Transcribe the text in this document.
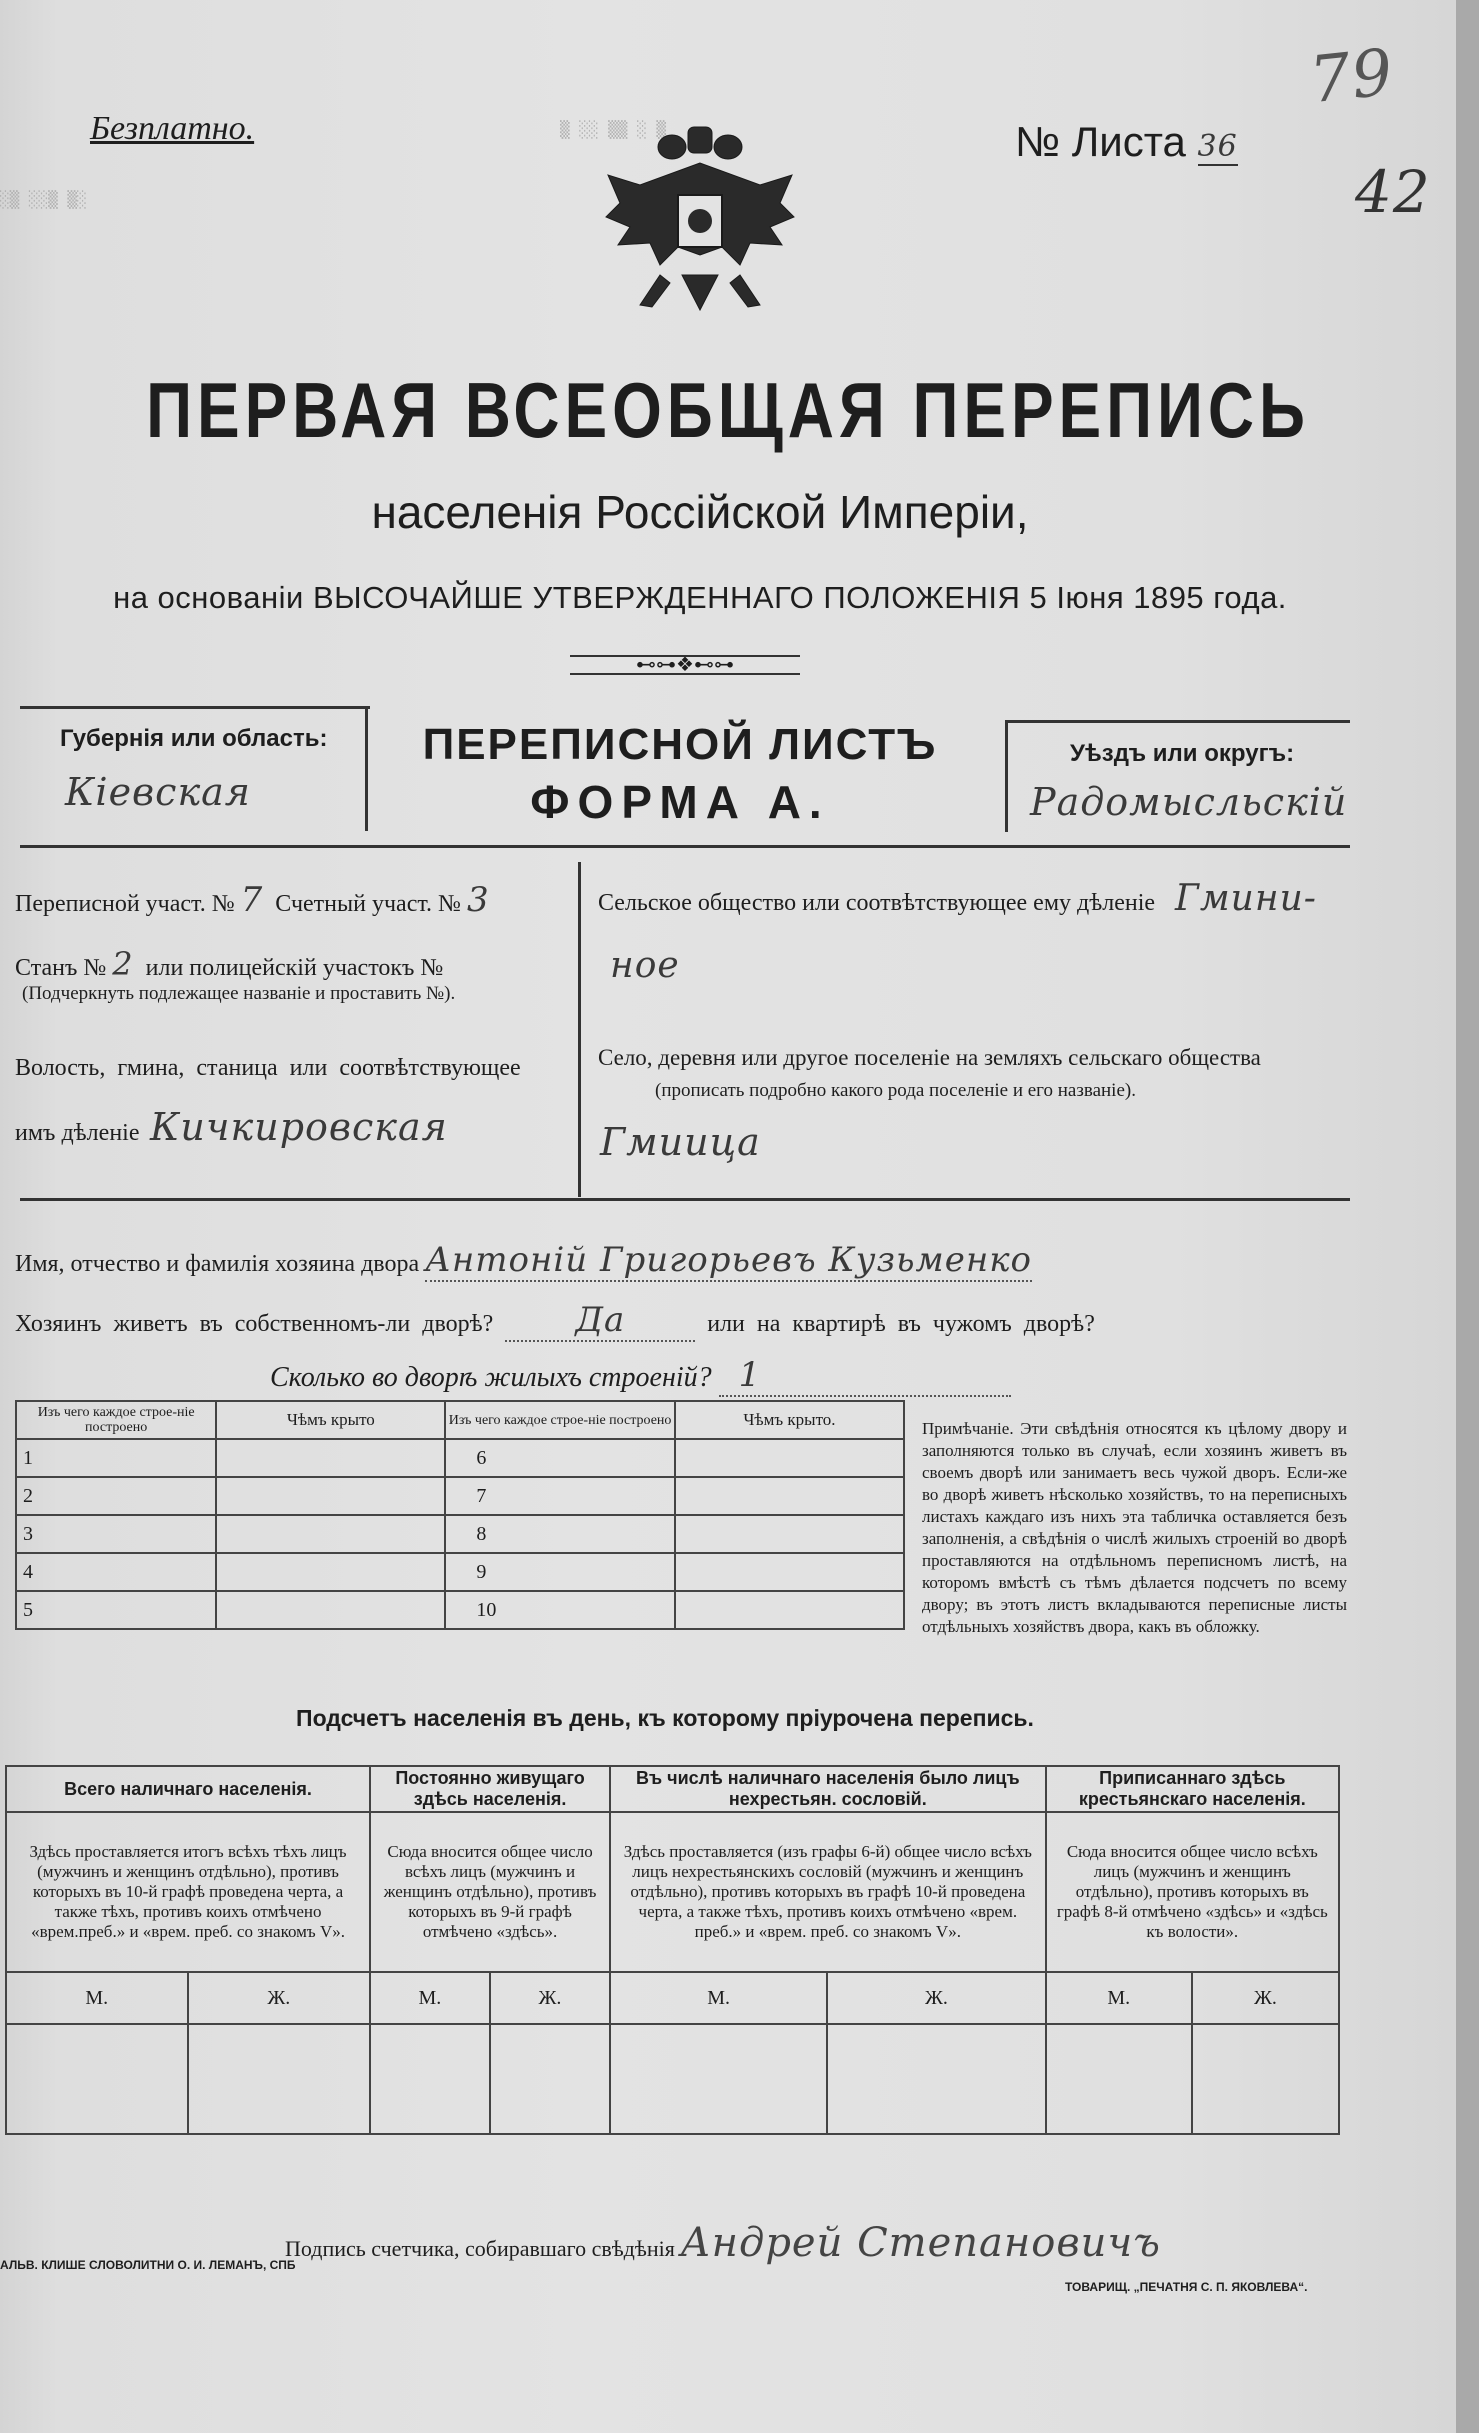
▒ ░░ ▒▒ ░ ▒
░▒ ░░▒ ▒░
Безплатно.	№ Листа 36
79
42
ПЕРВАЯ ВСЕОБЩАЯ ПЕРЕПИСЬ
населенія Россійской Имперіи,
на основаніи ВЫСОЧАЙШЕ УТВЕРЖДЕННАГО ПОЛОЖЕНІЯ 5 Іюня 1895 года.
⊷⊶❖⊷⊶
Губернія или область:
Кіевская
ПЕРЕПИСНОЙ ЛИСТЪ
ФОРМА А.
Уѣздъ или округъ:
Радомысльскій
Переписной участ. № 7 Счетный участ. № 3
Станъ № 2 или полицейскій участокъ №
(Подчеркнуть подлежащее названіе и проставить №).
Волость, гмина, станица или соотвѣтствующее
имъ дѣленіе Кичкировская
Сельское общество или соотвѣтствующее ему дѣленіе Гмини-
ное
Село, деревня или другое поселеніе на земляхъ сельскаго общества
(прописать подробно какого рода поселеніе и его названіе).
Гмиица
Имя, отчество и фамилія хозяина двора Антоній Григорьевъ Кузьменко
Хозяинъ живетъ въ собственномъ-ли дворѣ? Да	или на квартирѣ въ чужомъ дворѣ?
Сколько во дворѣ жилыхъ строеній? 1
Изъ чего каждое строе-ніе построено	Чѣмъ крыто	Изъ чего каждое строе-ніе построено	Чѣмъ крыто.
1		6	
2		7	
3		8	
4		9	
5		10	
Примѣчаніе. Эти свѣдѣнія относятся къ цѣлому двору и заполняются только въ случаѣ, если хозяинъ живетъ въ своемъ дворѣ или занимаетъ весь чужой дворъ. Если-же во дворѣ живетъ нѣсколько хозяйствъ, то на переписныхъ листахъ каждаго изъ нихъ эта табличка оставляется безъ заполненія, а свѣдѣнія о числѣ жилыхъ строеній во дворѣ проставляются на отдѣльномъ переписномъ листѣ, на которомъ вмѣстѣ съ тѣмъ дѣлается подсчетъ по всему двору; въ этотъ листъ вкладываются переписные листы отдѣльныхъ хозяйствъ двора, какъ въ обложку.
Подсчетъ населенія въ день, къ которому пріурочена перепись.
Всего наличнаго населенія.		Постоянно живущаго здѣсь населенія.		Въ числѣ наличнаго населенія было лицъ нехрестьян. сословій.		Приписаннаго здѣсь крестьянскаго населенія.	
Здѣсь проставляется итогъ всѣхъ тѣхъ лицъ (мужчинъ и женщинъ отдѣльно), противъ которыхъ въ 10-й графѣ проведена черта, а также тѣхъ, противъ коихъ отмѣчено «врем.преб.» и «врем. преб. со знакомъ V».		Сюда вносится общее число всѣхъ лицъ (мужчинъ и женщинъ отдѣльно), противъ которыхъ въ 9-й графѣ отмѣчено «здѣсь».		Здѣсь проставляется (изъ графы 6-й) общее число всѣхъ лицъ нехрестьянскихъ сословій (мужчинъ и женщинъ отдѣльно), противъ которыхъ въ графѣ 10-й проведена черта, а также тѣхъ, противъ коихъ отмѣчено «врем. преб.» и «врем. преб. со знакомъ V».		Сюда вносится общее число всѣхъ лицъ (мужчинъ и женщинъ отдѣльно), противъ которыхъ въ графѣ 8-й отмѣчено «здѣсь» и «здѣсь къ волости».	
М.	Ж.	М.	Ж.	М.	Ж.	М.	Ж.

Подпись счетчика, собиравшаго свѣдѣнія Андрей Степановичъ
АЛЬВ. КЛИШЕ СЛОВОЛИТНИ О. И. ЛЕМАНЪ, СПБ
ТОВАРИЩ. „ПЕЧАТНЯ С. П. ЯКОВЛЕВА“.
